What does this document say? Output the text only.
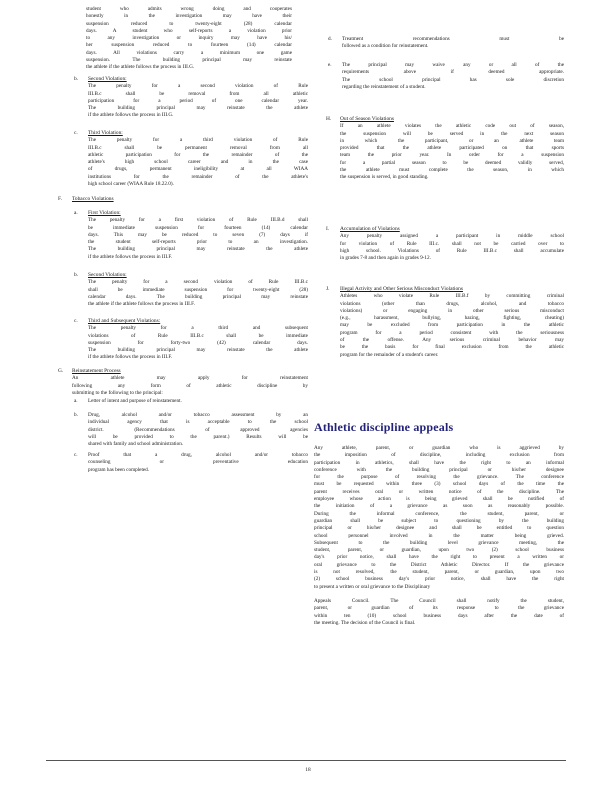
student who admits wrong doing and cooperates

honestly in the investigation may have their

suspension reduced to twenty-eight (28) calendar

days. A student who self-reports a violation prior

to any investigation or inquiry may have his/

her suspension reduced to fourteen (14) calendar

days. All violations carry a minimum one game

suspension. The building principal may reinstate

the athlete if the athlete follows the process in III.G.

b. Second Violation:

The penalty for a second violation of Rule

III.B.c shall be removal from all athletic

participation for a period of one calendar year.

The building principal may reinstate the athlete

if the athlete follows the process in III.G.

c. Third Violation:

The penalty for a third violation of Rule

III.B.c shall be permanent removal from all

athletic participation for the remainder of the

athlete's high school career and in the case

of drugs, permanent ineligibility at all WIAA

institutions for the remainder of the athlete's

high school career (WIAA Rule 18.22.0).

F. Tobacco Violations

a. First Violation:

The penalty for a first violation of Rule III.B.d shall

be immediate suspension for fourteen (14) calendar

days. This may be reduced to seven (7) days if

the student self-reports prior to an investigation.

The building principal may reinstate the athlete

if the athlete follows the process in III.F.

b. Second Violation:

The penalty for a second violation of Rule III.B.c

shall be immediate suspension for twenty-eight (28)

calendar days. The building principal may reinstate

the athlete if the athlete follows the process in III.F.

c. Third and Subsequent Violations:

The penalty for a third and subsequent

violations of Rule III.B.c shall be immediate

suspension for forty-two (42) calendar days.

The building principal may reinstate the athlete

if the athlete follows the process in III.F.

G. Reinstatement Process

An athlete may apply for reinstatement

following any form of athletic discipline by

submitting to the following to the principal:

a.	Letter of intent and purpose of reinstatement.

b.	Drug, alcohol and/or tobacco assessment by an

individual agency that is acceptable to the school

district. (Recommendations of approved agencies

will be provided to the parent.) Results will be

shared with family and school administration.

c.	Proof that a drug, alcohol and/or tobacco

counseling or preventative education

program has been completed.

d.	Treatment recommendations must be

followed as a condition for reinstatement.

e.	The principal may waive any or all of the

requirements above if deemed appropriate.

The school principal has sole discretion

regarding the reinstatement of a student.

H. Out of Season Violations

If an athlete violates the athletic code out of season,

the suspension will be served in the next season

in which the participant, or an athlete team

provided that the athlete participated on that sports

team the prior year. In order for a suspension

for a partial season to be deemed validly served,

the athlete must complete the season, in which

the suspension is served, in good standing.

I. Accumulation of Violations

Any penalty assigned a participant in middle school

for violation of Rule III.c. shall not be carried over to

high school. Violations of Rule III.B.c shall accumulate

in grades 7-8 and then again in grades 9-12.

J. Illegal Activity and Other Serious Misconduct Violations

Athletes who violate Rule III.B.f by committing criminal

violations (other than drugs, alcohol, and tobacco

violations) or engaging in other serious misconduct

(e.g., harassment, bullying, hazing, fighting, cheating)

may be excluded from participation in the athletic

program for a period consistent with the seriousness

of the offense. Any serious criminal behavior may

be the basis for final exclusion from the athletic

program for the remainder of a student's career.

Athletic discipline appeals

Any athlete, parent, or guardian who is aggrieved by

the imposition of discipline, including exclusion from

participation in athletics, shall have the right to an informal

conference with the building principal or his/her designee

for the purpose of resolving the grievance. The conference

must be requested within three (3) school days of the time the

parent receives oral or written notice of the discipline. The

employee whose action is being grieved shall be notified of

the initiation of a grievance as soon as reasonably possible.

During the informal conference, the student, parent, or

guardian shall be subject to questioning by the building

principal or his/her designee and shall be entitled to question

school personnel involved in the matter being grieved.

Subsequent to the building level grievance meeting, the

student, parent, or guardian, upon two (2) school business

day's prior notice, shall have the right to present a written or

oral grievance to the District Athletic Director. If the grievance

is not resolved, the student, parent, or guardian, upon two

(2) school business day's prior notice, shall have the right

to present a written or oral grievance to the Disciplinary

Appeals Council. The Council shall notify the student,

parent, or guardian of its response to the grievance

within ten (10) school business days after the date of

the meeting. The decision of the Council is final.

18
